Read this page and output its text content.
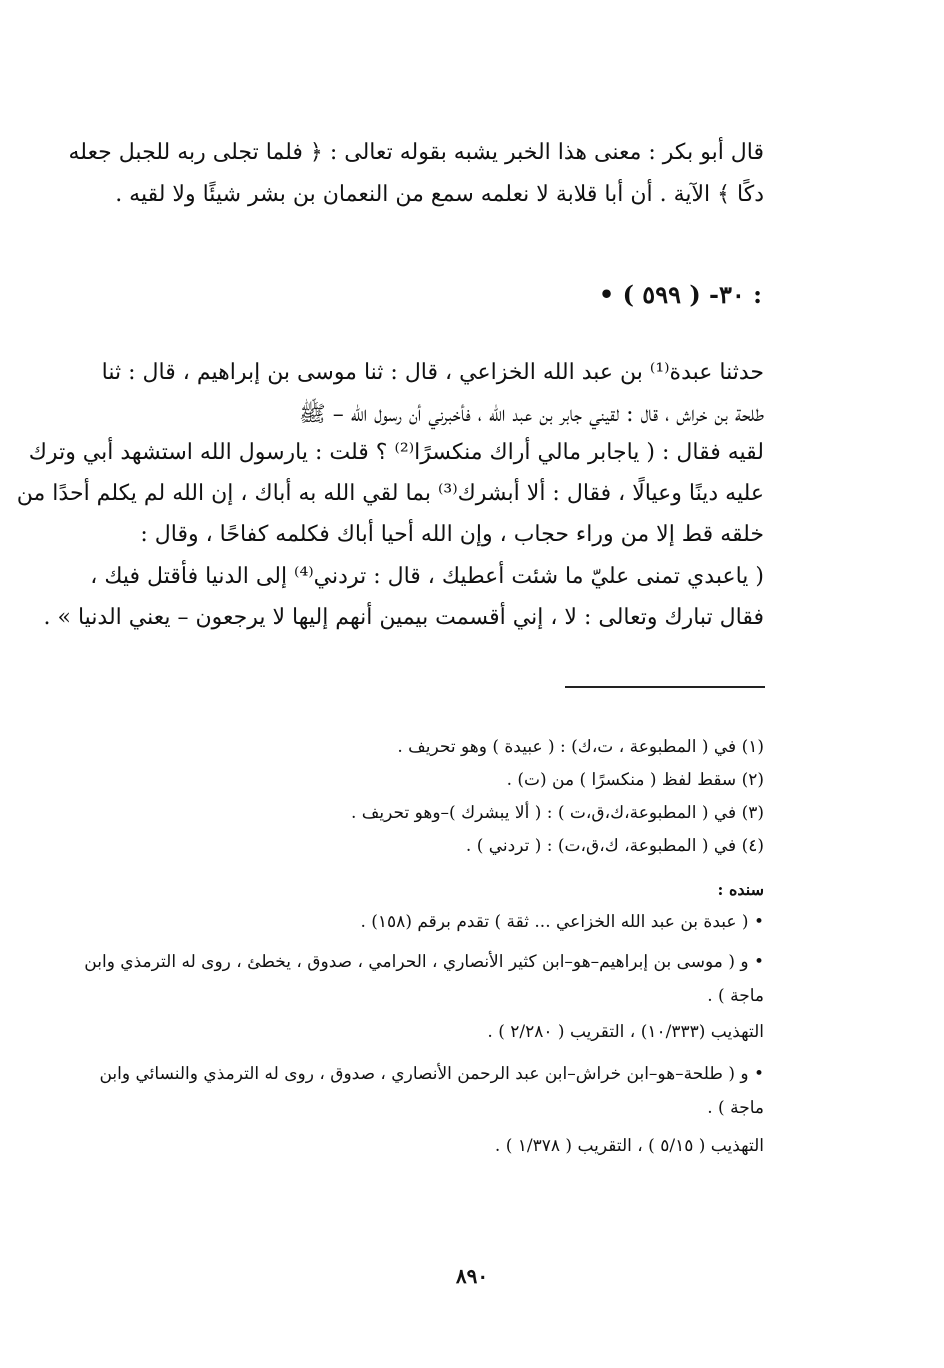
قال أبو بكر : معنى هذا الخبر يشبه بقوله تعالى : ﴿ فلما تجلى ربه للجبل جعله
دكًا ﴾ الآية . أن أبا قلابة لا نعلمه سمع من النعمان بن بشر شيئًا ولا لقيه .
• ٣٠- ( ٥٩٩ ) :
حدثنا عبدة⁽¹⁾ بن عبد الله الخزاعي ، قال : ثنا موسى بن إبراهيم ، قال : ثنا
طلحة بن خراش ، قال : لقيني جابر بن عبد الله ، فأخبرني أن رسول الله – ﷺ
لقيه فقال : ( ياجابر مالي أراك منكسرًا⁽²⁾ ؟ قلت : يارسول الله استشهد أبي وترك
عليه دينًا وعيالًا ، فقال : ألا أبشرك⁽³⁾ بما لقي الله به أباك ، إن الله لم يكلم أحدًا من
خلقه قط إلا من وراء حجاب ، وإن الله أحيا أباك فكلمه كفاحًا ، وقال :
( ياعبدي تمنى عليّ ما شئت أعطيك ، قال : تردني⁽⁴⁾ إلى الدنيا فأقتل فيك ،
فقال تبارك وتعالى : لا ، إني أقسمت بيمين أنهم إليها لا يرجعون – يعني الدنيا » .
(١) في ( المطبوعة ، ت،ك) : ( عبيدة ) وهو تحريف .
(٢) سقط لفظ ( منكسرًا ) من (ت) .
(٣) في ( المطبوعة،ك،ق،ت ) : ( ألا يبشرك )–وهو تحريف .
(٤) في ( المطبوعة، ك،ق،ت) : ( تردني ) .
سنده :
• ( عبدة بن عبد الله الخزاعي ... ثقة ) تقدم برقم (١٥٨) .
• و ( موسى بن إبراهيم–هو–ابن كثير الأنصاري ، الحرامي ، صدوق ، يخطئ ، روى له الترمذي وابن
ماجة ) .
التهذيب (١٠/٣٣٣) ، التقريب ( ٢/٢٨٠ ) .
• و ( طلحة–هو–ابن خراش–ابن عبد الرحمن الأنصاري ، صدوق ، روى له الترمذي والنسائي وابن
ماجة ) .
التهذيب ( ٥/١٥ ) ، التقريب ( ١/٣٧٨ ) .
٨٩٠
